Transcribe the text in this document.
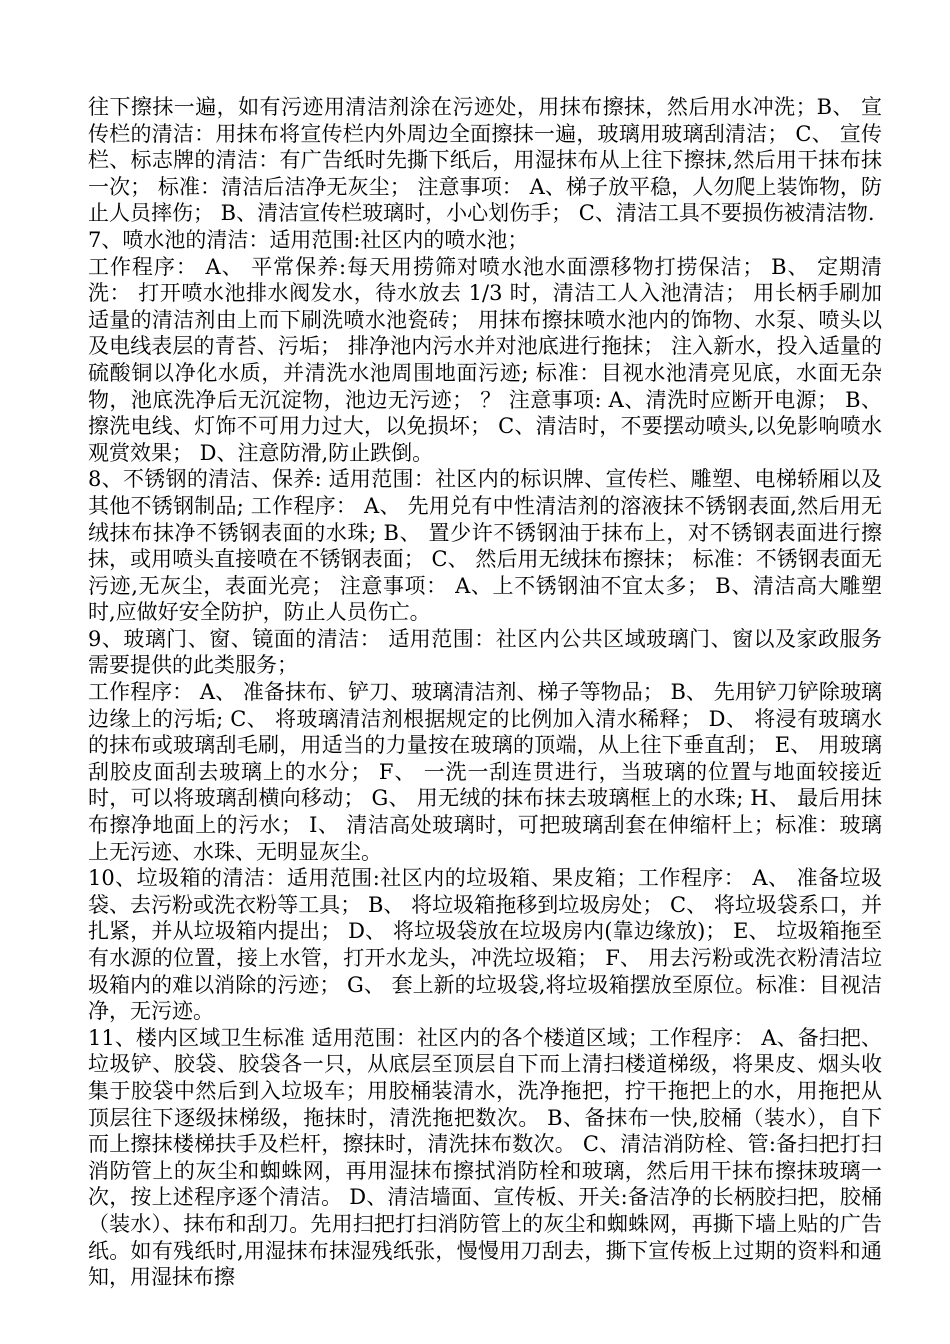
往下擦抹一遍，如有污迹用清洁剂涂在污迹处，用抹布擦抹，然后用水冲洗；B、 宣传栏的清洁：用抹布将宣传栏内外周边全面擦抹一遍，玻璃用玻璃刮清洁； C、 宣传栏、标志牌的清洁：有广告纸时先撕下纸后，用湿抹布从上往下擦抹,然后用干抹布抹一次； 标准：清洁后洁净无灰尘； 注意事项： A、梯子放平稳，人勿爬上装饰物，防止人员摔伤； B、清洁宣传栏玻璃时，小心划伤手； C、清洁工具不要损伤被清洁物.

7、喷水池的清洁：适用范围:社区内的喷水池；

工作程序： A、 平常保养:每天用捞筛对喷水池水面漂移物打捞保洁； B、 定期清洗： 打开喷水池排水阀发水，待水放去 1/3 时，清洁工人入池清洁； 用长柄手刷加适量的清洁剂由上而下刷洗喷水池瓷砖； 用抹布擦抹喷水池内的饰物、水泵、喷头以及电线表层的青苔、污垢； 排净池内污水并对池底进行拖抹； 注入新水，投入适量的硫酸铜以净化水质，并清洗水池周围地面污迹; 标准：目视水池清亮见底，水面无杂物，池底洗净后无沉淀物，池边无污迹； ？ 注意事项: A、清洗时应断开电源； B、擦洗电线、灯饰不可用力过大，以免损坏； C、清洁时，不要摆动喷头,以免影响喷水观赏效果； D、注意防滑,防止跌倒。

8、不锈钢的清洁、保养: 适用范围：社区内的标识牌、宣传栏、雕塑、电梯轿厢以及其他不锈钢制品; 工作程序： A、 先用兑有中性清洁剂的溶液抹不锈钢表面,然后用无绒抹布抹净不锈钢表面的水珠; B、 置少许不锈钢油于抹布上，对不锈钢表面进行擦抹，或用喷头直接喷在不锈钢表面； C、 然后用无绒抹布擦抹； 标准：不锈钢表面无污迹,无灰尘，表面光亮； 注意事项： A、上不锈钢油不宜太多； B、清洁高大雕塑时,应做好安全防护，防止人员伤亡。

9、玻璃门、窗、镜面的清洁： 适用范围：社区内公共区域玻璃门、窗以及家政服务需要提供的此类服务；

工作程序： A、 准备抹布、铲刀、玻璃清洁剂、梯子等物品； B、 先用铲刀铲除玻璃边缘上的污垢; C、 将玻璃清洁剂根据规定的比例加入清水稀释； D、 将浸有玻璃水的抹布或玻璃刮毛刷，用适当的力量按在玻璃的顶端，从上往下垂直刮； E、 用玻璃刮胶皮面刮去玻璃上的水分； F、 一洗一刮连贯进行，当玻璃的位置与地面较接近时，可以将玻璃刮横向移动； G、 用无绒的抹布抹去玻璃框上的水珠; H、 最后用抹布擦净地面上的污水； I、 清洁高处玻璃时，可把玻璃刮套在伸缩杆上；标准：玻璃上无污迹、水珠、无明显灰尘。

10、垃圾箱的清洁：适用范围:社区内的垃圾箱、果皮箱；工作程序： A、 准备垃圾袋、去污粉或洗衣粉等工具； B、 将垃圾箱拖移到垃圾房处； C、 将垃圾袋系口，并扎紧，并从垃圾箱内提出； D、 将垃圾袋放在垃圾房内(靠边缘放)； E、 垃圾箱拖至有水源的位置，接上水管，打开水龙头，冲洗垃圾箱； F、 用去污粉或洗衣粉清洁垃圾箱内的难以消除的污迹； G、 套上新的垃圾袋,将垃圾箱摆放至原位。标准：目视洁净，无污迹。

11、楼内区域卫生标准 适用范围：社区内的各个楼道区域；工作程序： A、备扫把、垃圾铲、胶袋、胶袋各一只，从底层至顶层自下而上清扫楼道梯级，将果皮、烟头收集于胶袋中然后到入垃圾车；用胶桶装清水，洗净拖把，拧干拖把上的水，用拖把从顶层往下逐级抹梯级，拖抹时，清洗拖把数次。 B、备抹布一快,胶桶（装水），自下而上擦抹楼梯扶手及栏杆，擦抹时，清洗抹布数次。 C、清洁消防栓、管:备扫把打扫消防管上的灰尘和蜘蛛网，再用湿抹布擦拭消防栓和玻璃，然后用干抹布擦抹玻璃一次，按上述程序逐个清洁。 D、清洁墙面、宣传板、开关:备洁净的长柄胶扫把，胶桶（装水）、抹布和刮刀。先用扫把打扫消防管上的灰尘和蜘蛛网，再撕下墙上贴的广告纸。如有残纸时,用湿抹布抹湿残纸张，慢慢用刀刮去，撕下宣传板上过期的资料和通知，用湿抹布擦
